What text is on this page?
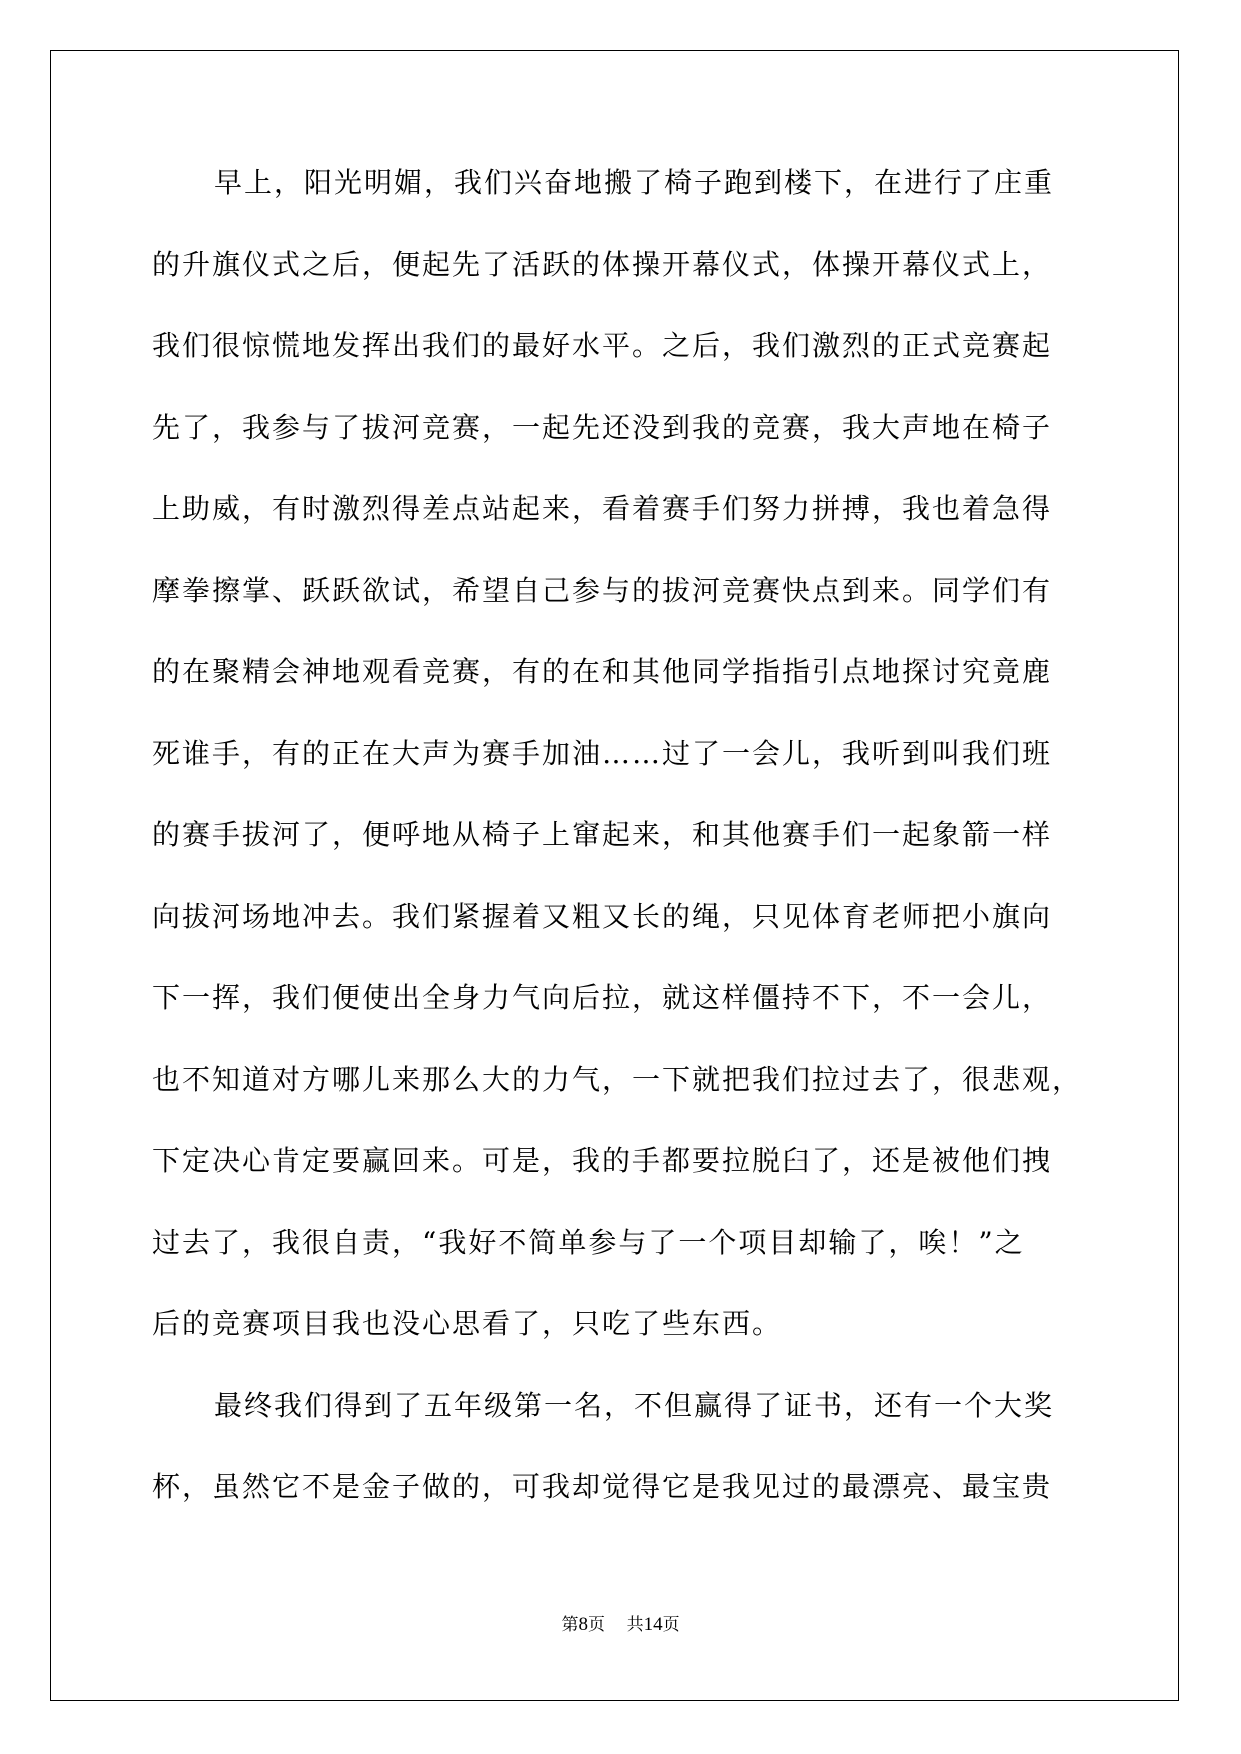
早上，阳光明媚，我们兴奋地搬了椅子跑到楼下，在进行了庄重
的升旗仪式之后，便起先了活跃的体操开幕仪式，体操开幕仪式上，
我们很惊慌地发挥出我们的最好水平。之后，我们激烈的正式竞赛起
先了，我参与了拔河竞赛，一起先还没到我的竞赛，我大声地在椅子
上助威，有时激烈得差点站起来，看着赛手们努力拼搏，我也着急得
摩拳擦掌、跃跃欲试，希望自己参与的拔河竞赛快点到来。同学们有
的在聚精会神地观看竞赛，有的在和其他同学指指引点地探讨究竟鹿
死谁手，有的正在大声为赛手加油……过了一会儿，我听到叫我们班
的赛手拔河了，便呼地从椅子上窜起来，和其他赛手们一起象箭一样
向拔河场地冲去。我们紧握着又粗又长的绳，只见体育老师把小旗向
下一挥，我们便使出全身力气向后拉，就这样僵持不下，不一会儿，
也不知道对方哪儿来那么大的力气，一下就把我们拉过去了，很悲观，
下定决心肯定要赢回来。可是，我的手都要拉脱臼了，还是被他们拽
过去了，我很自责，“我好不简单参与了一个项目却输了，唉！”之
后的竞赛项目我也没心思看了，只吃了些东西。
最终我们得到了五年级第一名，不但赢得了证书，还有一个大奖
杯，虽然它不是金子做的，可我却觉得它是我见过的最漂亮、最宝贵
第8页 共14页
